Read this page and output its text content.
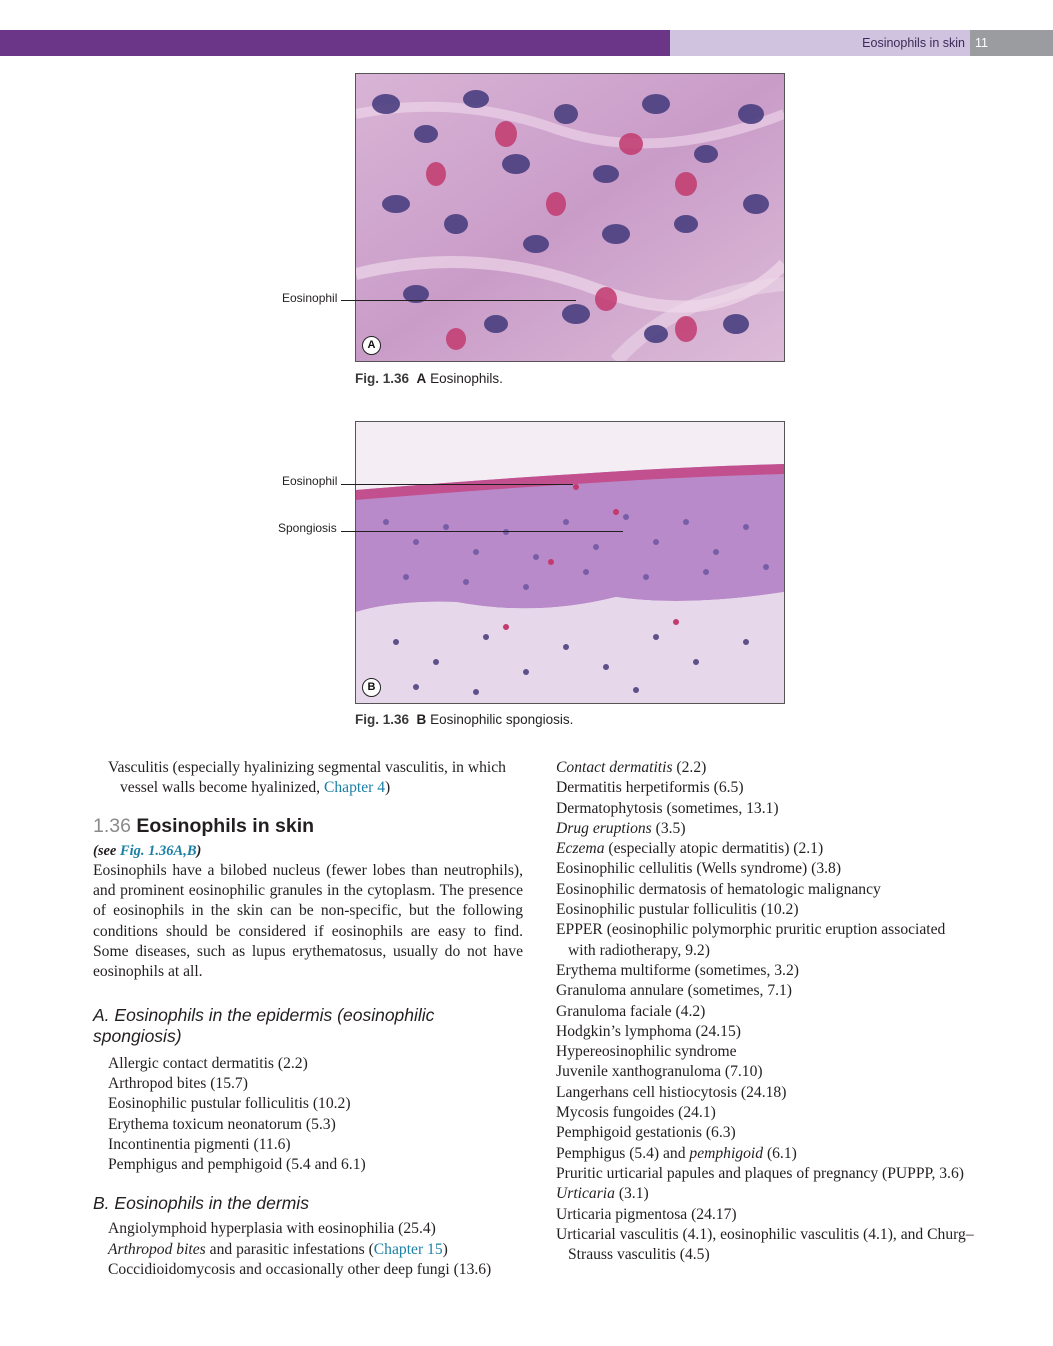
Eosinophils in skin 11
A
Eosinophil
Fig. 1.36 A Eosinophils.
B
Eosinophil
Spongiosis
Fig. 1.36 B Eosinophilic spongiosis.
Vasculitis (especially hyalinizing segmental vasculitis, in which vessel walls become hyalinized, Chapter 4)
1.36 Eosinophils in skin
(see Fig. 1.36A,B)

Eosinophils have a bilobed nucleus (fewer lobes than neutrophils), and prominent eosinophilic granules in the cytoplasm. The presence of eosinophils in the skin can be non-specific, but the following conditions should be considered if eosinophils are easy to find. Some diseases, such as lupus erythematosus, usually do not have eosinophils at all.

A. Eosinophils in the epidermis (eosinophilic spongiosis)
Allergic contact dermatitis (2.2)
Arthropod bites (15.7)
Eosinophilic pustular folliculitis (10.2)
Erythema toxicum neonatorum (5.3)
Incontinentia pigmenti (11.6)
Pemphigus and pemphigoid (5.4 and 6.1)
B. Eosinophils in the dermis
Angiolymphoid hyperplasia with eosinophilia (25.4)
Arthropod bites and parasitic infestations (Chapter 15)
Coccidioidomycosis and occasionally other deep fungi (13.6)
Contact dermatitis (2.2)
Dermatitis herpetiformis (6.5)
Dermatophytosis (sometimes, 13.1)
Drug eruptions (3.5)
Eczema (especially atopic dermatitis) (2.1)
Eosinophilic cellulitis (Wells syndrome) (3.8)
Eosinophilic dermatosis of hematologic malignancy
Eosinophilic pustular folliculitis (10.2)
EPPER (eosinophilic polymorphic pruritic eruption associated with radiotherapy, 9.2)
Erythema multiforme (sometimes, 3.2)
Granuloma annulare (sometimes, 7.1)
Granuloma faciale (4.2)
Hodgkin’s lymphoma (24.15)
Hypereosinophilic syndrome
Juvenile xanthogranuloma (7.10)
Langerhans cell histiocytosis (24.18)
Mycosis fungoides (24.1)
Pemphigoid gestationis (6.3)
Pemphigus (5.4) and pemphigoid (6.1)
Pruritic urticarial papules and plaques of pregnancy (PUPPP, 3.6)
Urticaria (3.1)
Urticaria pigmentosa (24.17)
Urticarial vasculitis (4.1), eosinophilic vasculitis (4.1), and Churg–Strauss vasculitis (4.5)
